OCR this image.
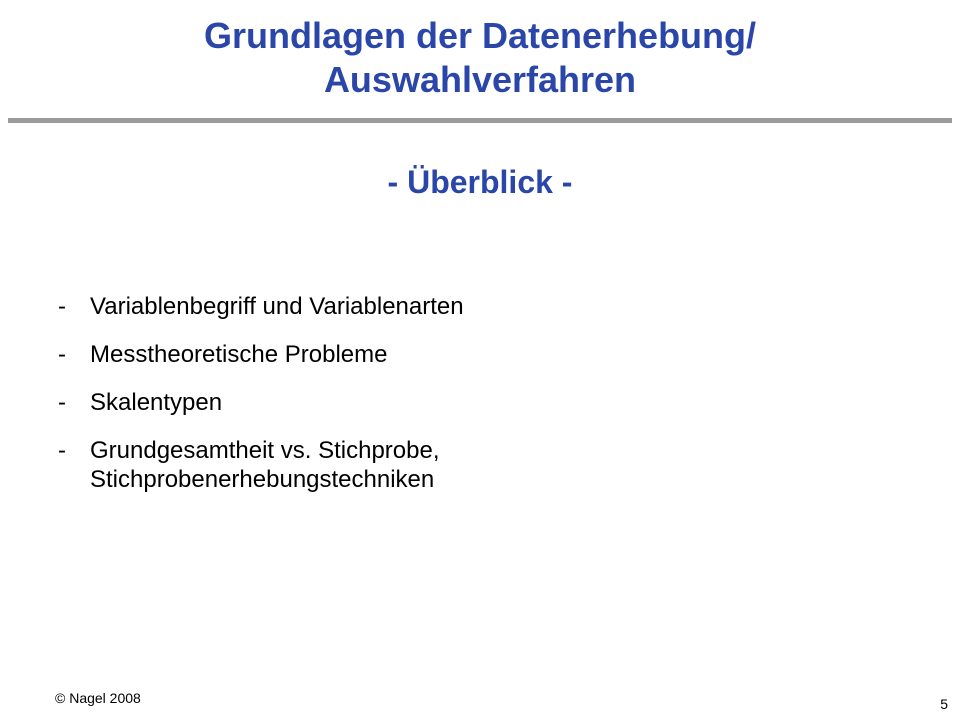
Grundlagen der Datenerhebung/
Auswahlverfahren
- Überblick -
-	Variablenbegriff und Variablenarten
-	Messtheoretische Probleme
-	Skalentypen
-	Grundgesamtheit vs. Stichprobe,
Stichprobenerhebungstechniken
© Nagel 2008	5
